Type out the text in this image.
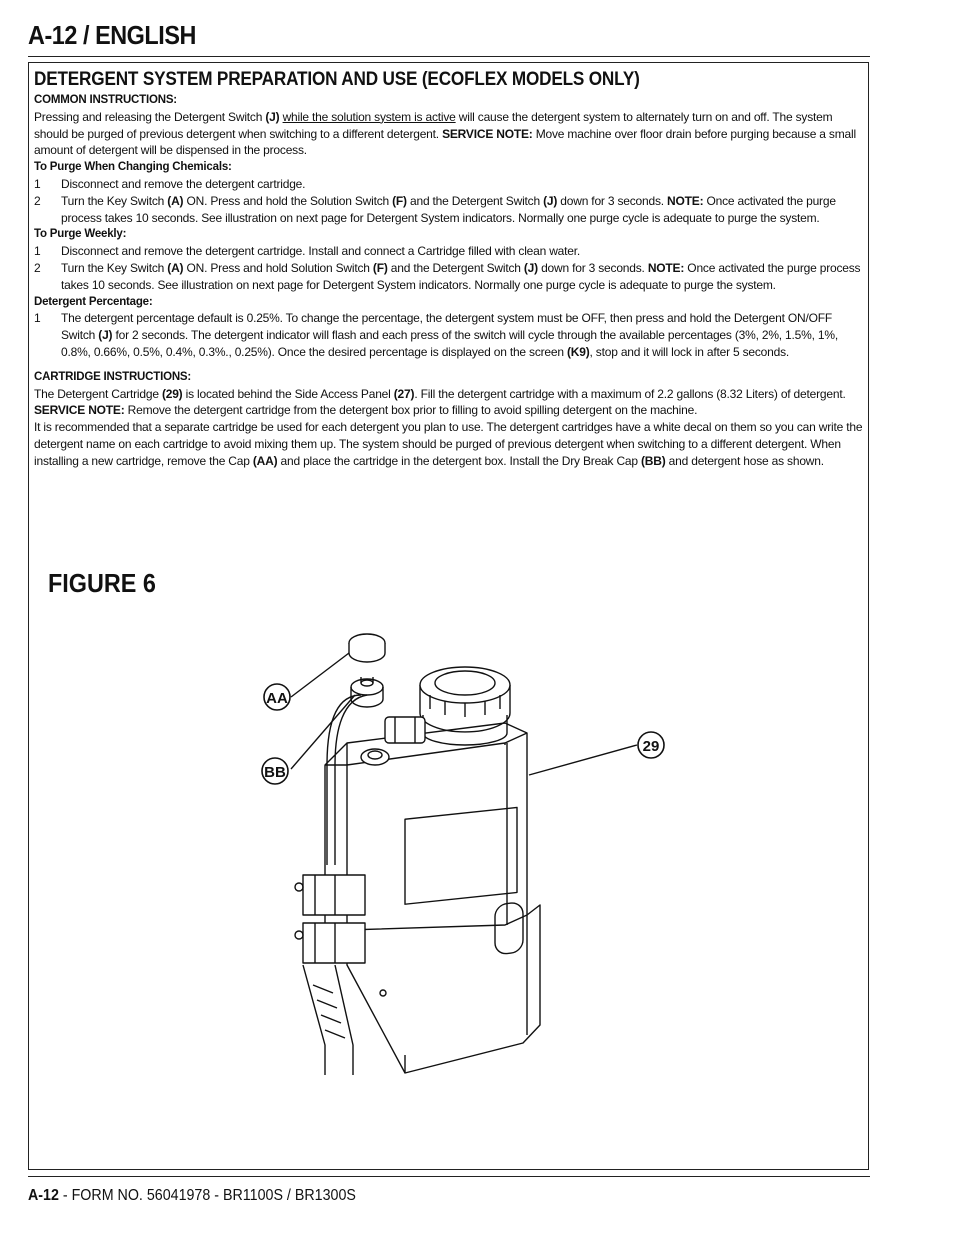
A-12 / ENGLISH
DETERGENT SYSTEM PREPARATION AND USE (ECOFLEX MODELS ONLY)
COMMON INSTRUCTIONS:

Pressing and releasing the Detergent Switch (J) while the solution system is active will cause the detergent system to alternately turn on and off. The system should be purged of previous detergent when switching to a different detergent. SERVICE NOTE: Move machine over floor drain before purging because a small amount of detergent will be dispensed in the process.

To Purge When Changing Chemicals:
1	Disconnect and remove the detergent cartridge.
2	Turn the Key Switch (A) ON. Press and hold the Solution Switch (F) and the Detergent Switch (J) down for 3 seconds. NOTE: Once activated the purge process takes 10 seconds. See illustration on next page for Detergent System indicators. Normally one purge cycle is adequate to purge the system.
To Purge Weekly:
1	Disconnect and remove the detergent cartridge. Install and connect a Cartridge filled with clean water.
2	Turn the Key Switch (A) ON. Press and hold Solution Switch (F) and the Detergent Switch (J) down for 3 seconds. NOTE: Once activated the purge process takes 10 seconds. See illustration on next page for Detergent System indicators. Normally one purge cycle is adequate to purge the system.
Detergent Percentage:
1	The detergent percentage default is 0.25%. To change the percentage, the detergent system must be OFF, then press and hold the Detergent ON/OFF Switch (J) for 2 seconds. The detergent indicator will flash and each press of the switch will cycle through the available percentages (3%, 2%, 1.5%, 1%, 0.8%, 0.66%, 0.5%, 0.4%, 0.3%., 0.25%). Once the desired percentage is displayed on the screen (K9), stop and it will lock in after 5 seconds.
CARTRIDGE INSTRUCTIONS:

The Detergent Cartridge (29) is located behind the Side Access Panel (27). Fill the detergent cartridge with a maximum of 2.2 gallons (8.32 Liters) of detergent.

SERVICE NOTE: Remove the detergent cartridge from the detergent box prior to filling to avoid spilling detergent on the machine.

It is recommended that a separate cartridge be used for each detergent you plan to use. The detergent cartridges have a white decal on them so you can write the detergent name on each cartridge to avoid mixing them up. The system should be purged of previous detergent when switching to a different detergent. When installing a new cartridge, remove the Cap (AA) and place the cartridge in the detergent box. Install the Dry Break Cap (BB) and detergent hose as shown.

FIGURE 6
AA
BB
29
A-12 - FORM NO. 56041978 - BR1100S / BR1300S
